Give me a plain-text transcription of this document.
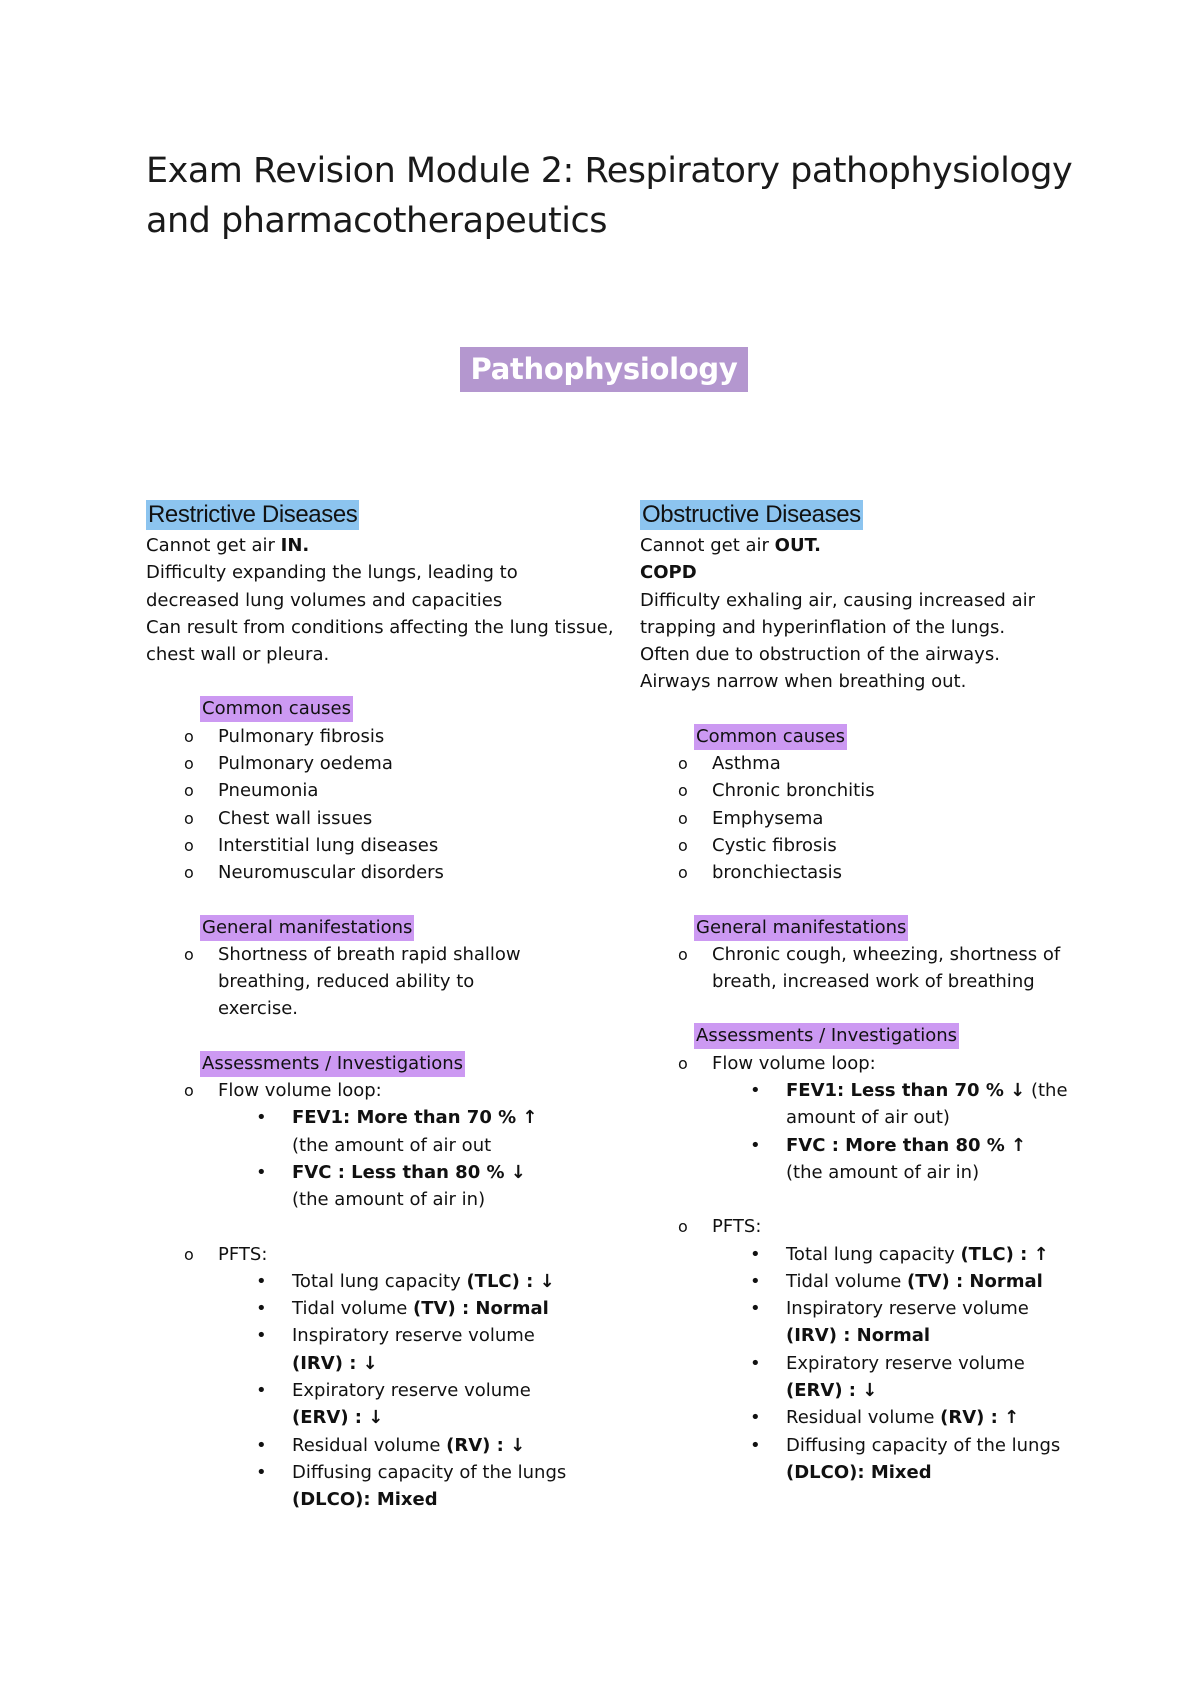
Exam Revision Module 2: Respiratory pathophysiology and pharmacotherapeutics
Pathophysiology
Restrictive Diseases

Cannot get air IN.

Difficulty expanding the lungs, leading to decreased lung volumes and capacities

Can result from conditions affecting the lung tissue, chest wall or pleura.

Common causes
o Pulmonary fibrosis
o Pulmonary oedema
o Pneumonia
o Chest wall issues
o Interstitial lung diseases
o Neuromuscular disorders
General manifestations
o Shortness of breath rapid shallow breathing, reduced ability to exercise.
Assessments / Investigations
o Flow volume loop:
• FEV1: More than 70 % ↑
(the amount of air out
• FVC : Less than 80 % ↓
(the amount of air in)
o PFTS:
• Total lung capacity (TLC) : ↓
• Tidal volume (TV) : Normal
• Inspiratory reserve volume
(IRV) : ↓
• Expiratory reserve volume
(ERV) : ↓
• Residual volume (RV) : ↓
• Diffusing capacity of the lungs
(DLCO): Mixed
Obstructive Diseases

Cannot get air OUT.

COPD

Difficulty exhaling air, causing increased air trapping and hyperinflation of the lungs.

Often due to obstruction of the airways.

Airways narrow when breathing out.

Common causes
o Asthma
o Chronic bronchitis
o Emphysema
o Cystic fibrosis
o bronchiectasis
General manifestations
o Chronic cough, wheezing, shortness of breath, increased work of breathing
Assessments / Investigations
o Flow volume loop:
• FEV1: Less than 70 % ↓ (the amount of air out)
• FVC : More than 80 % ↑
(the amount of air in)
o PFTS:
• Total lung capacity (TLC) : ↑
• Tidal volume (TV) : Normal
• Inspiratory reserve volume
(IRV) : Normal
• Expiratory reserve volume
(ERV) : ↓
• Residual volume (RV) : ↑
• Diffusing capacity of the lungs
(DLCO): Mixed
